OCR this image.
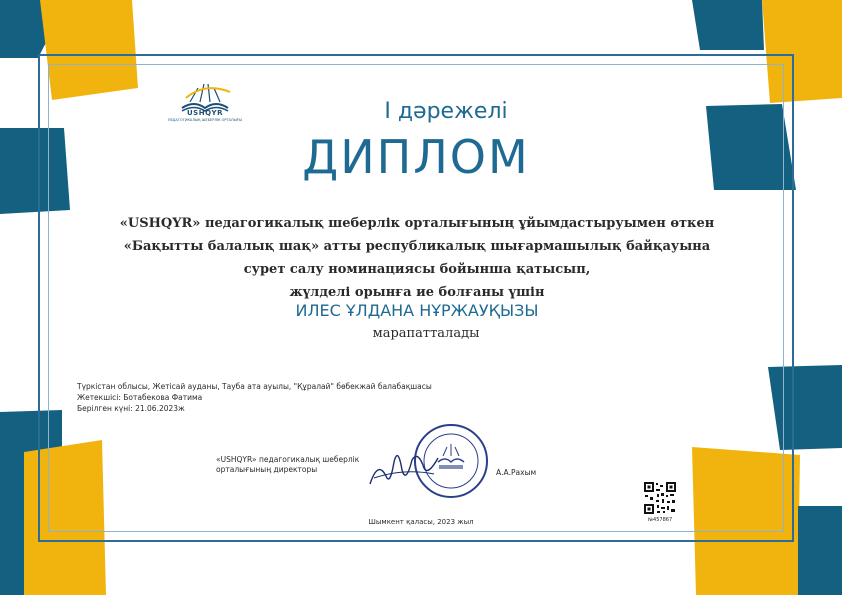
USHQYR
ПЕДАГОГИКАЛЫҚ ШЕБЕРЛІК ОРТАЛЫҒЫ	I дәрежелі
ДИПЛОМ
«USHQYR» педагогикалық шеберлік орталығының ұйымдастыруымен өткен
«Бақытты балалық шақ» атты республикалық шығармашылық байқауына
сурет салу номинациясы бойынша қатысып,
жүлделі орынға ие болғаны үшін
ИЛЕС ҰЛДАНА НҰРЖАУҚЫЗЫ
марапатталады
Түркістан облысы, Жетісай ауданы, Тауба ата ауылы, "Құралай" бөбекжай балабақшасы
Жетекшісі: Ботабекова Фатима
Берілген күні: 21.06.2023ж
«USHQYR» педагогикалық шеберлік
орталығының директоры	А.А.Рахым
№457867
Шымкент қаласы, 2023 жыл
